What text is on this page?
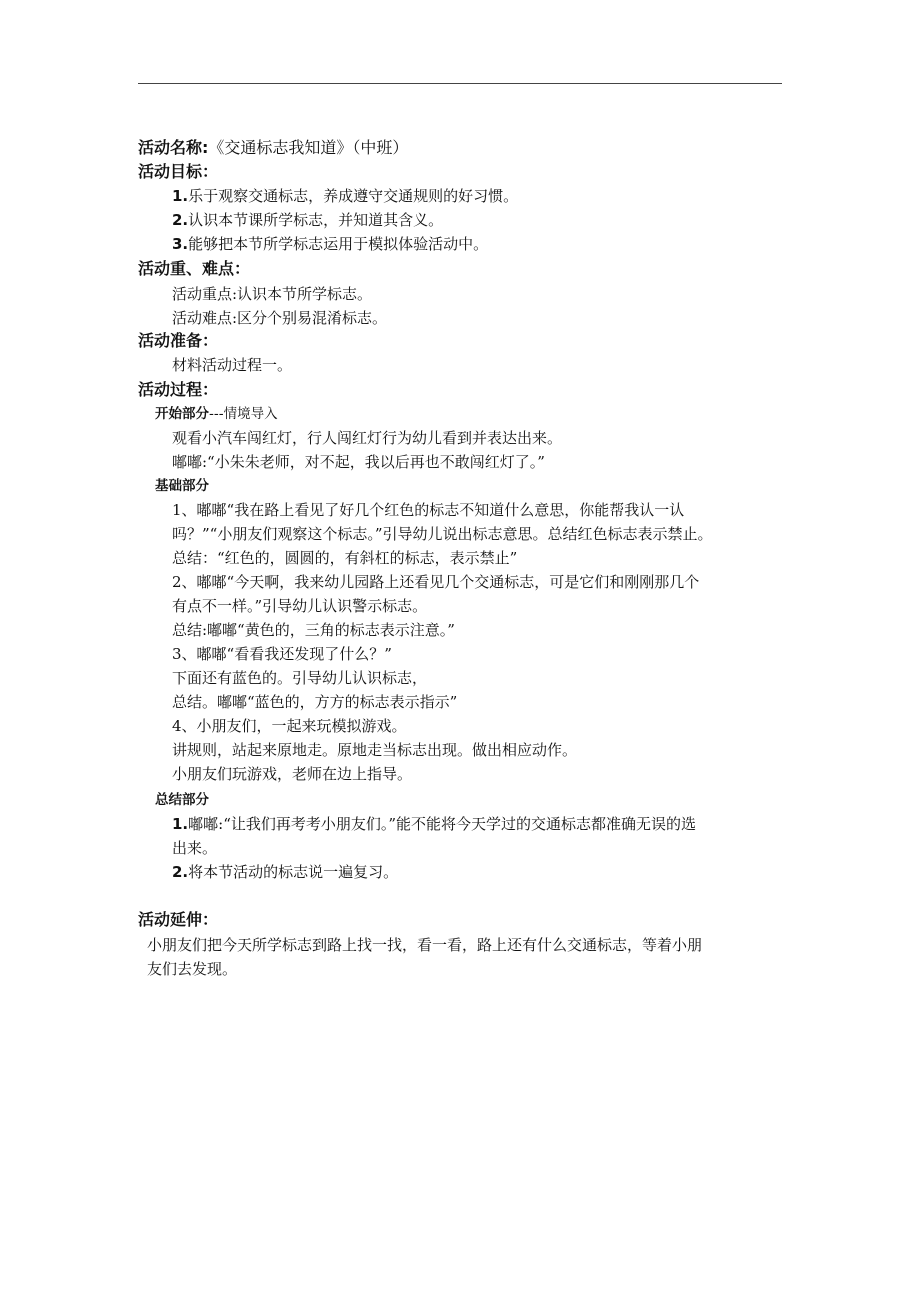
活动名称:《交通标志我知道》（中班）
活动目标：
1.乐于观察交通标志，养成遵守交通规则的好习惯。
2.认识本节课所学标志，并知道其含义。
3.能够把本节所学标志运用于模拟体验活动中。
活动重、难点：
活动重点:认识本节所学标志。
活动难点:区分个别易混淆标志。
活动准备：
材料活动过程一。
活动过程：
开始部分---情境导入
观看小汽车闯红灯，行人闯红灯行为幼儿看到并表达出来。
嘟嘟:“小朱朱老师，对不起，我以后再也不敢闯红灯了。”
基础部分
1、嘟嘟“我在路上看见了好几个红色的标志不知道什么意思，你能帮我认一认
吗？”“小朋友们观察这个标志。”引导幼儿说出标志意思。总结红色标志表示禁止。
总结：“红色的，圆圆的，有斜杠的标志，表示禁止”
2、嘟嘟“今天啊，我来幼儿园路上还看见几个交通标志，可是它们和刚刚那几个
有点不一样。”引导幼儿认识警示标志。
总结:嘟嘟“黄色的，三角的标志表示注意。”
3、嘟嘟“看看我还发现了什么？”
下面还有蓝色的。引导幼儿认识标志，
总结。嘟嘟“蓝色的，方方的标志表示指示”
4、小朋友们，一起来玩模拟游戏。
讲规则，站起来原地走。原地走当标志出现。做出相应动作。
小朋友们玩游戏，老师在边上指导。
总结部分
1.嘟嘟:“让我们再考考小朋友们。”能不能将今天学过的交通标志都准确无误的选
出来。
2.将本节活动的标志说一遍复习。
活动延伸：
小朋友们把今天所学标志到路上找一找，看一看，路上还有什么交通标志，等着小朋
友们去发现。
